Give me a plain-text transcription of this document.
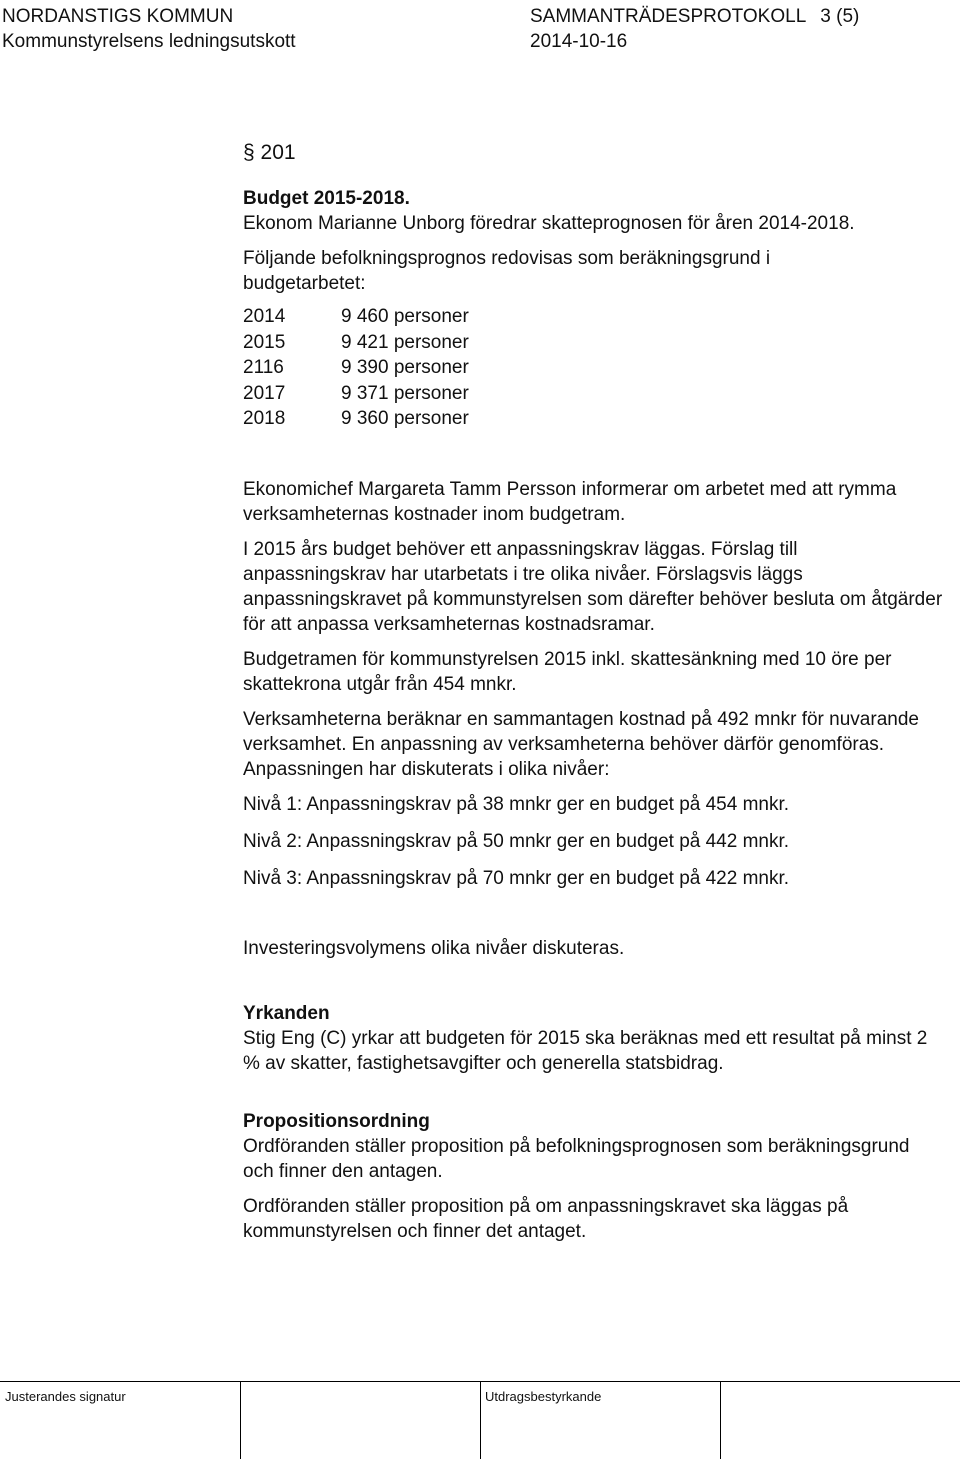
NORDANSTIGS KOMMUN
Kommunstyrelsens ledningsutskott
SAMMANTRÄDESPROTOKOLL 3 (5)
2014-10-16
§ 201

Budget 2015-2018.

Ekonom Marianne Unborg föredrar skatteprognosen för åren 2014-2018.

Följande befolkningsprognos redovisas som beräkningsgrund i budgetarbetet:

2014	9 460 personer
2015	9 421 personer
2116	9 390 personer
2017	9 371 personer
2018	9 360 personer

Ekonomichef Margareta Tamm Persson informerar om arbetet med att rymma verksamheternas kostnader inom budgetram.

I 2015 års budget behöver ett anpassningskrav läggas. Förslag till anpassningskrav har utarbetats i tre olika nivåer. Förslagsvis läggs anpassningskravet på kommunstyrelsen som därefter behöver besluta om åtgärder för att anpassa verksamheternas kostnadsramar.

Budgetramen för kommunstyrelsen 2015 inkl. skattesänkning med 10 öre per skattekrona utgår från 454 mnkr.

Verksamheterna beräknar en sammantagen kostnad på 492 mnkr för nuvarande verksamhet. En anpassning av verksamheterna behöver därför genomföras. Anpassningen har diskuterats i olika nivåer:

Nivå 1: Anpassningskrav på 38 mnkr ger en budget på 454 mnkr.

Nivå 2: Anpassningskrav på 50 mnkr ger en budget på 442 mnkr.

Nivå 3: Anpassningskrav på 70 mnkr ger en budget på 422 mnkr.

Investeringsvolymens olika nivåer diskuteras.

Yrkanden

Stig Eng (C) yrkar att budgeten för 2015 ska beräknas med ett resultat på minst 2 % av skatter, fastighetsavgifter och generella statsbidrag.

Propositionsordning

Ordföranden ställer proposition på befolkningsprognosen som beräkningsgrund och finner den antagen.

Ordföranden ställer proposition på om anpassningskravet ska läggas på kommunstyrelsen och finner det antaget.

Justerandes signatur	Utdragsbestyrkande
